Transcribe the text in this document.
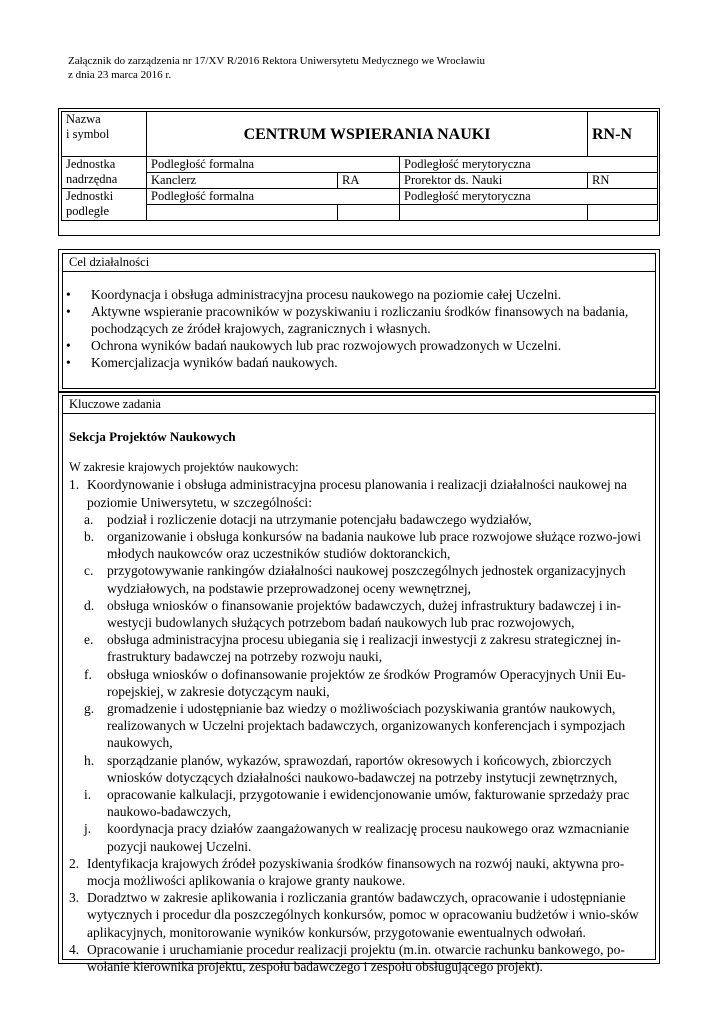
Załącznik do zarządzenia nr 17/XV R/2016 Rektora Uniwersytetu Medycznego we Wrocławiu
z dnia 23 marca 2016 r.
Nazwa
i symbol	CENTRUM WSPIERANIA NAUKI			RN-N

Jednostka
nadrzędna	Podległość formalna		Podległość merytoryczna	
	Kanclerz	RA	Prorektor ds. Nauki	RN

Jednostki
podległe	Podległość formalna		Podległość merytoryczna	

Cel działalności
• Koordynacja i obsługa administracyjna procesu naukowego na poziomie całej Uczelni.
• Aktywne wspieranie pracowników w pozyskiwaniu i rozliczaniu środków finansowych na badania, pochodzących ze źródeł krajowych, zagranicznych i własnych.
• Ochrona wyników badań naukowych lub prac rozwojowych prowadzonych w Uczelni.
• Komercjalizacja wyników badań naukowych.
Kluczowe zadania
Sekcja Projektów Naukowych
W zakresie krajowych projektów naukowych:
1. Koordynowanie i obsługa administracyjna procesu planowania i realizacji działalności naukowej na poziomie Uniwersytetu, w szczególności:
a. podział i rozliczenie dotacji na utrzymanie potencjału badawczego wydziałów,
b. organizowanie i obsługa konkursów na badania naukowe lub prace rozwojowe służące rozwo-jowi młodych naukowców oraz uczestników studiów doktoranckich,
c. przygotowywanie rankingów działalności naukowej poszczególnych jednostek organizacyjnych wydziałowych, na podstawie przeprowadzonej oceny wewnętrznej,
d. obsługa wniosków o finansowanie projektów badawczych, dużej infrastruktury badawczej i in-westycji budowlanych służących potrzebom badań naukowych lub prac rozwojowych,
e. obsługa administracyjna procesu ubiegania się i realizacji inwestycji z zakresu strategicznej in-frastruktury badawczej na potrzeby rozwoju nauki,
f. obsługa wniosków o dofinansowanie projektów ze środków Programów Operacyjnych Unii Eu-ropejskiej, w zakresie dotyczącym nauki,
g. gromadzenie i udostępnianie baz wiedzy o możliwościach pozyskiwania grantów naukowych, realizowanych w Uczelni projektach badawczych, organizowanych konferencjach i sympozjach naukowych,
h. sporządzanie planów, wykazów, sprawozdań, raportów okresowych i końcowych, zbiorczych wniosków dotyczących działalności naukowo-badawczej na potrzeby instytucji zewnętrznych,
i. opracowanie kalkulacji, przygotowanie i ewidencjonowanie umów, fakturowanie sprzedaży prac naukowo-badawczych,
j. koordynacja pracy działów zaangażowanych w realizację procesu naukowego oraz wzmacnianie pozycji naukowej Uczelni.
2. Identyfikacja krajowych źródeł pozyskiwania środków finansowych na rozwój nauki, aktywna pro-mocja możliwości aplikowania o krajowe granty naukowe.
3. Doradztwo w zakresie aplikowania i rozliczania grantów badawczych, opracowanie i udostępnianie wytycznych i procedur dla poszczególnych konkursów, pomoc w opracowaniu budżetów i wnio-sków aplikacyjnych, monitorowanie wyników konkursów, przygotowanie ewentualnych odwołań.
4. Opracowanie i uruchamianie procedur realizacji projektu (m.in. otwarcie rachunku bankowego, po-wołanie kierownika projektu, zespołu badawczego i zespołu obsługującego projekt).
